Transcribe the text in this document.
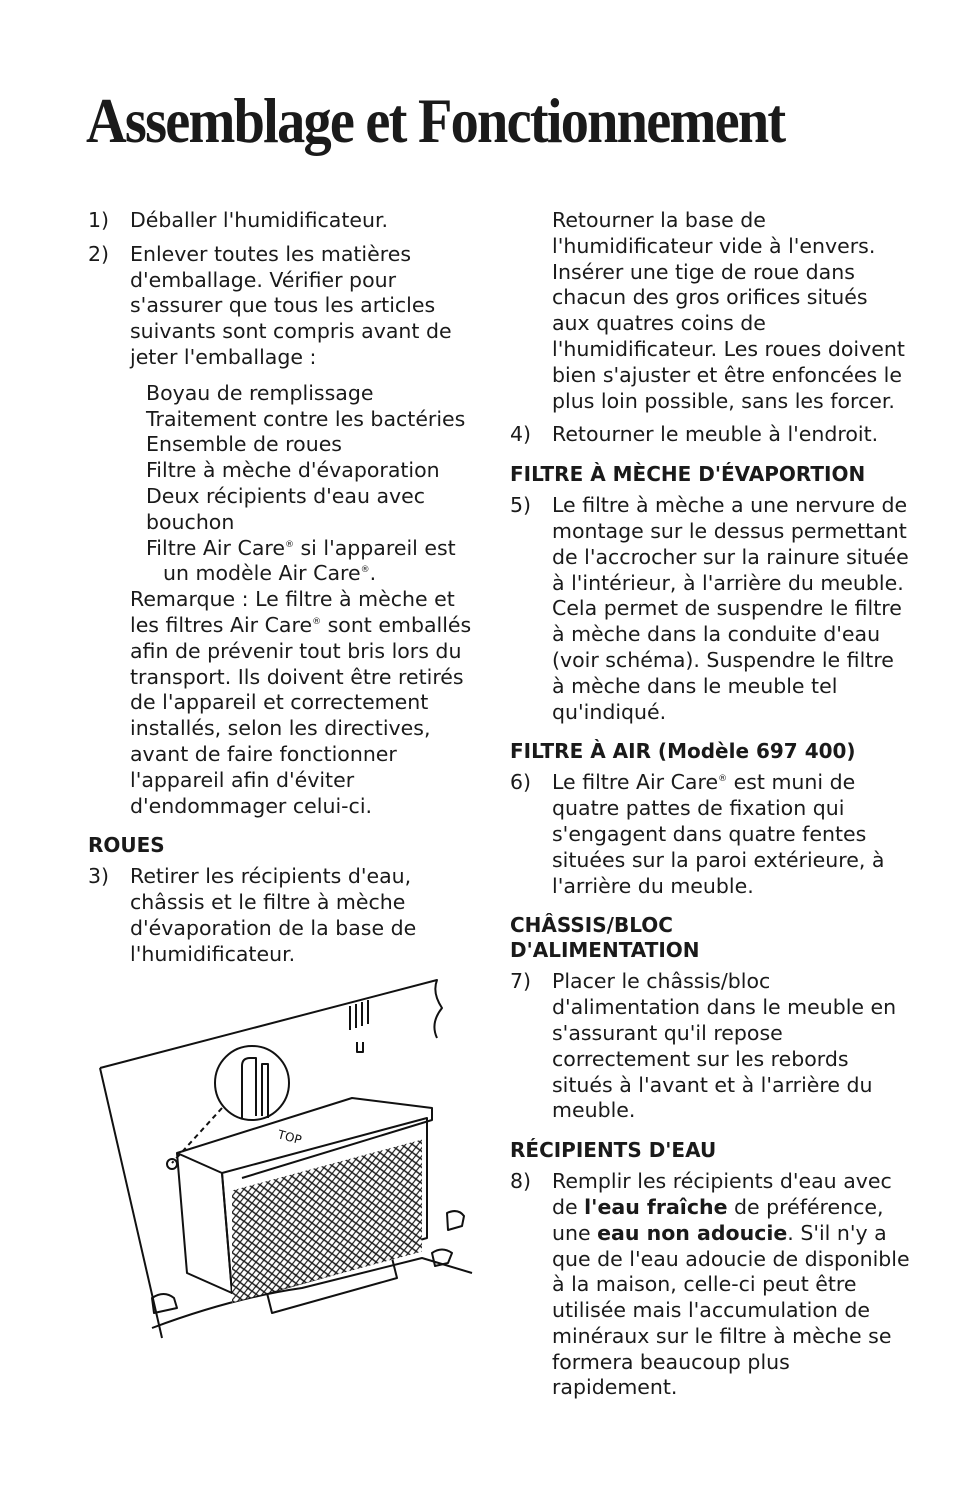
Assemblage et Fonctionnement
1)	Déballer l'humidificateur.
2)	Enlever toutes les matières d'emballage. Vérifier pour s'assurer que tous les articles suivants sont compris avant de jeter l'emballage :
Boyau de remplissage
Traitement contre les bactéries
Ensemble de roues
Filtre à mèche d'évaporation
Deux récipients d'eau avec
bouchon
Filtre Air Care® si l'appareil est
un modèle Air Care®.
Remarque : Le filtre à mèche et les filtres Air Care® sont emballés afin de prévenir tout bris lors du transport. Ils doivent être retirés de l'appareil et correctement installés, selon les directives, avant de faire fonctionner l'appareil afin d'éviter d'endommager celui-ci.
ROUES
3)	Retirer les récipients d'eau, châssis et le filtre à mèche d'évaporation de la base de l'humidificateur.
TOP
Retourner la base de l'humidificateur vide à l'envers. Insérer une tige de roue dans chacun des gros orifices situés aux quatres coins de l'humidificateur. Les roues doivent bien s'ajuster et être enfoncées le plus loin possible, sans les forcer.
4)	Retourner le meuble à l'endroit.
FILTRE À MÈCHE D'ÉVAPORTION
5)	Le filtre à mèche a une nervure de montage sur le dessus permettant de l'accrocher sur la rainure située à l'intérieur, à l'arrière du meuble. Cela permet de suspendre le filtre à mèche dans la conduite d'eau (voir schéma). Suspendre le filtre à mèche dans le meuble tel qu'indiqué.
FILTRE À AIR (Modèle 697 400)
6)	Le filtre Air Care® est muni de quatre pattes de fixation qui s'engagent dans quatre fentes situées sur la paroi extérieure, à l'arrière du meuble.
CHÂSSIS/BLOC
D'ALIMENTATION
7)	Placer le châssis/bloc d'alimentation dans le meuble en s'assurant qu'il repose correctement sur les rebords situés à l'avant et à l'arrière du meuble.
RÉCIPIENTS D'EAU
8)	Remplir les récipients d'eau avec de l'eau fraîche de préférence, une eau non adoucie. S'il n'y a que de l'eau adoucie de disponible à la maison, celle-ci peut être utilisée mais l'accumulation de minéraux sur le filtre à mèche se formera beaucoup plus rapidement.
